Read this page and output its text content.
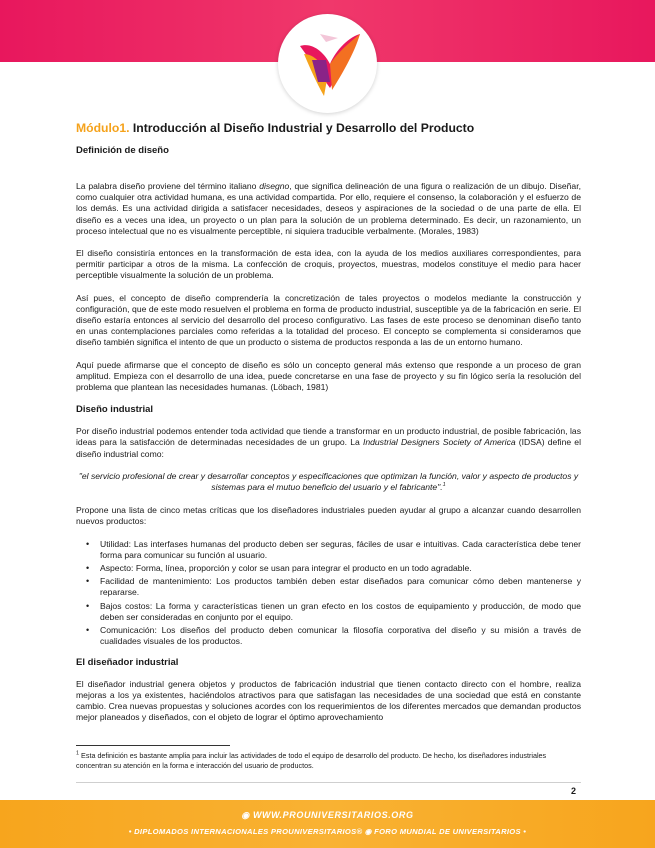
Módulo1. Introducción al Diseño Industrial y Desarrollo del Producto
Definición de diseño

La palabra diseño proviene del término italiano disegno, que significa delineación de una figura o realización de un dibujo. Diseñar, como cualquier otra actividad humana, es una actividad compartida. Por ello, requiere el consenso, la colaboración y el esfuerzo de los demás. Es una actividad dirigida a satisfacer necesidades, deseos y aspiraciones de la sociedad o de una parte de ella. El diseño es a veces una idea, un proyecto o un plan para la solución de un problema determinado. Es decir, un razonamiento, un proceso intelectual que no es visualmente perceptible, ni siquiera traducible verbalmente. (Morales, 1983)

El diseño consistiría entonces en la transformación de esta idea, con la ayuda de los medios auxiliares correspondientes, para permitir participar a otros de la misma. La confección de croquis, proyectos, muestras, modelos constituye el medio para hacer perceptible visualmente la solución de un problema.

Así pues, el concepto de diseño comprendería la concretización de tales proyectos o modelos mediante la construcción y configuración, que de este modo resuelven el problema en forma de producto industrial, susceptible ya de la fabricación en serie. El diseño estaría entonces al servicio del desarrollo del proceso configurativo. Las fases de este proceso se denominan diseño tanto en unas contemplaciones parciales como referidas a la totalidad del proceso. El concepto se complementa si consideramos que diseño también significa el intento de que un producto o sistema de productos responda a las de un entorno humano.

Aquí puede afirmarse que el concepto de diseño es sólo un concepto general más extenso que responde a un proceso de gran amplitud. Empieza con el desarrollo de una idea, puede concretarse en una fase de proyecto y su fin lógico sería la resolución del problema que plantean las necesidades humanas. (Löbach, 1981)

Diseño industrial

Por diseño industrial podemos entender toda actividad que tiende a transformar en un producto industrial, de posible fabricación, las ideas para la satisfacción de determinadas necesidades de un grupo. La Industrial Designers Society of America (IDSA) define el diseño industrial como:

"el servicio profesional de crear y desarrollar conceptos y especificaciones que optimizan la función, valor y aspecto de productos y sistemas para el mutuo beneficio del usuario y el fabricante".$^1$

Propone una lista de cinco metas críticas que los diseñadores industriales pueden ayudar al grupo a alcanzar cuando desarrollen nuevos productos:

• Utilidad: Las interfases humanas del producto deben ser seguras, fáciles de usar e intuitivas. Cada característica debe tener forma para comunicar su función al usuario.
• Aspecto: Forma, línea, proporción y color se usan para integrar el producto en un todo agradable.
• Facilidad de mantenimiento: Los productos también deben estar diseñados para comunicar cómo deben mantenerse y repararse.
• Bajos costos: La forma y características tienen un gran efecto en los costos de equipamiento y producción, de modo que deben ser consideradas en conjunto por el equipo.
• Comunicación: Los diseños del producto deben comunicar la filosofía corporativa del diseño y su misión a través de cualidades visuales de los productos.
El diseñador industrial

El diseñador industrial genera objetos y productos de fabricación industrial que tienen contacto directo con el hombre, realiza mejoras a los ya existentes, haciéndolos atractivos para que satisfagan las necesidades de una sociedad que está en constante cambio. Crea nuevas propuestas y soluciones acordes con los requerimientos de los diferentes mercados que demandan productos mejor planeados y diseñados, con el objeto de lograr el óptimo aprovechamiento

$^1$ Esta definición es bastante amplia para incluir las actividades de todo el equipo de desarrollo del producto. De hecho, los diseñadores industriales concentran su atención en la forma e interacción del usuario de productos.
2
◉ WWW.PROUNIVERSITARIOS.ORG
• DIPLOMADOS INTERNACIONALES PROUNIVERSITARIOS® ◉ FORO MUNDIAL DE UNIVERSITARIOS •
